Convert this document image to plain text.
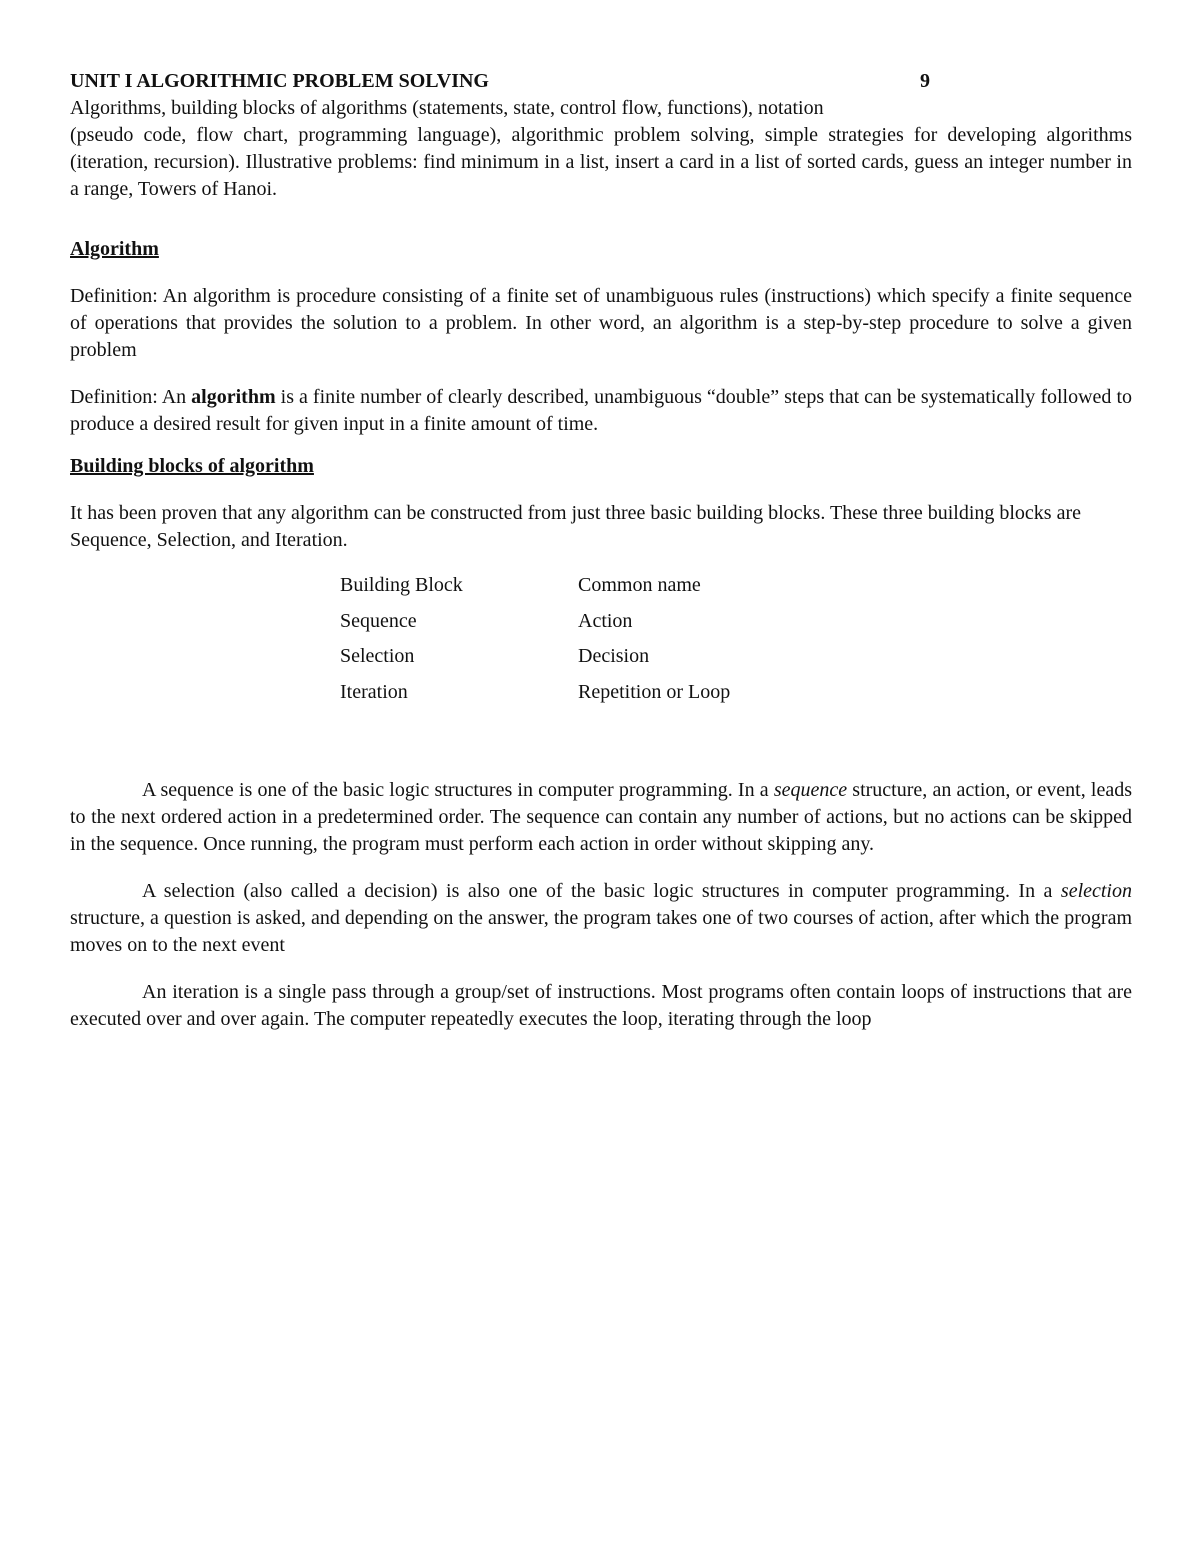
UNIT I ALGORITHMIC PROBLEM SOLVING	9

Algorithms, building blocks of algorithms (statements, state, control flow, functions), notation

(pseudo code, flow chart, programming language), algorithmic problem solving, simple strategies for developing algorithms (iteration, recursion). Illustrative problems: find minimum in a list, insert a card in a list of sorted cards, guess an integer number in a range, Towers of Hanoi.

Algorithm

Definition: An algorithm is procedure consisting of a finite set of unambiguous rules (instructions) which specify a finite sequence of operations that provides the solution to a problem. In other word, an algorithm is a step-by-step procedure to solve a given problem

Definition: An algorithm is a finite number of clearly described, unambiguous “double” steps that can be systematically followed to produce a desired result for given input in a finite amount of time.

Building blocks of algorithm

It has been proven that any algorithm can be constructed from just three basic building blocks. These three building blocks are Sequence, Selection, and Iteration.

Building Block	Common name
Sequence	Action
Selection	Decision
Iteration	Repetition or Loop

A sequence is one of the basic logic structures in computer programming. In a sequence structure, an action, or event, leads to the next ordered action in a predetermined order. The sequence can contain any number of actions, but no actions can be skipped in the sequence. Once running, the program must perform each action in order without skipping any.

A selection (also called a decision) is also one of the basic logic structures in computer programming. In a selection structure, a question is asked, and depending on the answer, the program takes one of two courses of action, after which the program moves on to the next event

An iteration is a single pass through a group/set of instructions. Most programs often contain loops of instructions that are executed over and over again. The computer repeatedly executes the loop, iterating through the loop
